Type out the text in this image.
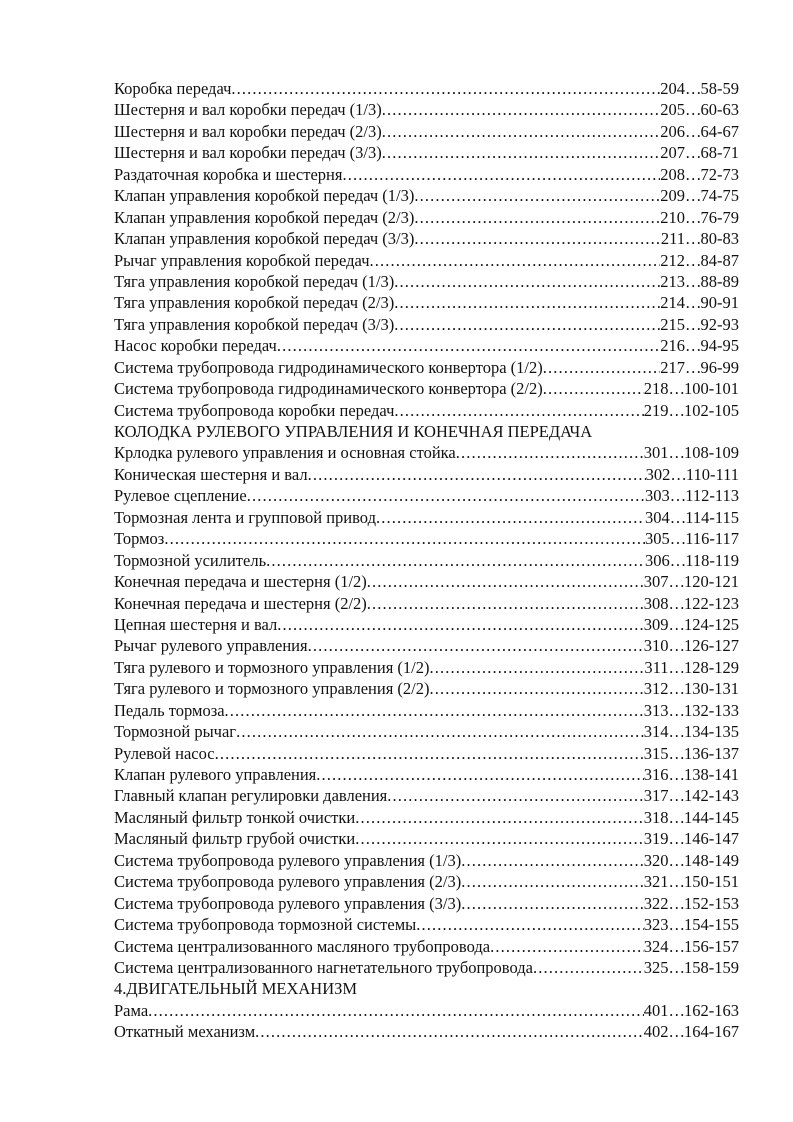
Коробка передач . . .	204 … 58-59
Шестерня и вал коробки передач (1/3) . . .	205 … 60-63
Шестерня и вал коробки передач (2/3) . . .	206 … 64-67
Шестерня и вал коробки передач (3/3) . . .	207 … 68-71
Раздаточная коробка и шестерня . . .	208 … 72-73
Клапан управления коробкой передач (1/3) . . .	209 … 74-75
Клапан управления коробкой передач (2/3) . . .	210 … 76-79
Клапан управления коробкой передач (3/3) . . .	211 … 80-83
Рычаг управления коробкой передач . . .	212 … 84-87
Тяга управления коробкой передач (1/3) . . .	213 … 88-89
Тяга управления коробкой передач (2/3) . . .	214 … 90-91
Тяга управления коробкой передач (3/3) . . .	215 … 92-93
Насос коробки передач . . .	216 … 94-95
Система трубопровода гидродинамического конвертора (1/2) . . .	217 … 96-99
Система трубопровода гидродинамического конвертора (2/2) . . .	218 … 100-101
Система трубопровода коробки передач . . .	219 … 102-105
КОЛОДКА РУЛЕВОГО УПРАВЛЕНИЯ И КОНЕЧНАЯ ПЕРЕДАЧА
Крлодка рулевого управления и основная стойка . . .	301 … 108-109
Коническая шестерня и вал . . .	302 … 110-111
Рулевое сцепление . . .	303 … 112-113
Тормозная лента и групповой привод . . .	304 … 114-115
Тормоз . . .	305 … 116-117
Тормозной усилитель . . .	306 … 118-119
Конечная передача и шестерня (1/2) . . .	307 … 120-121
Конечная передача и шестерня (2/2) . . .	308 … 122-123
Цепная шестерня и вал . . .	309 … 124-125
Рычаг рулевого управления . . .	310 … 126-127
Тяга рулевого и тормозного управления (1/2) . . .	311 … 128-129
Тяга рулевого и тормозного управления (2/2) . . .	312 … 130-131
Педаль тормоза . . .	313 … 132-133
Тормозной рычаг . . .	314 … 134-135
Рулевой насос . . .	315 … 136-137
Клапан рулевого управления . . .	316 … 138-141
Главный клапан регулировки давления . . .	317 … 142-143
Масляный фильтр тонкой очистки . . .	318 … 144-145
Масляный фильтр грубой очистки . . .	319 … 146-147
Система трубопровода рулевого управления (1/3) . . .	320 … 148-149
Система трубопровода рулевого управления (2/3) . . .	321 … 150-151
Система трубопровода рулевого управления (3/3) . . .	322 … 152-153
Система трубопровода тормозной системы . . .	323 … 154-155
Система централизованного масляного трубопровода . . .	324 … 156-157
Система централизованного нагнетательного трубопровода . . .	325 … 158-159
4.ДВИГАТЕЛЬНЫЙ МЕХАНИЗМ
Рама . . .	401 … 162-163
Откатный механизм . . .	402 … 164-167
